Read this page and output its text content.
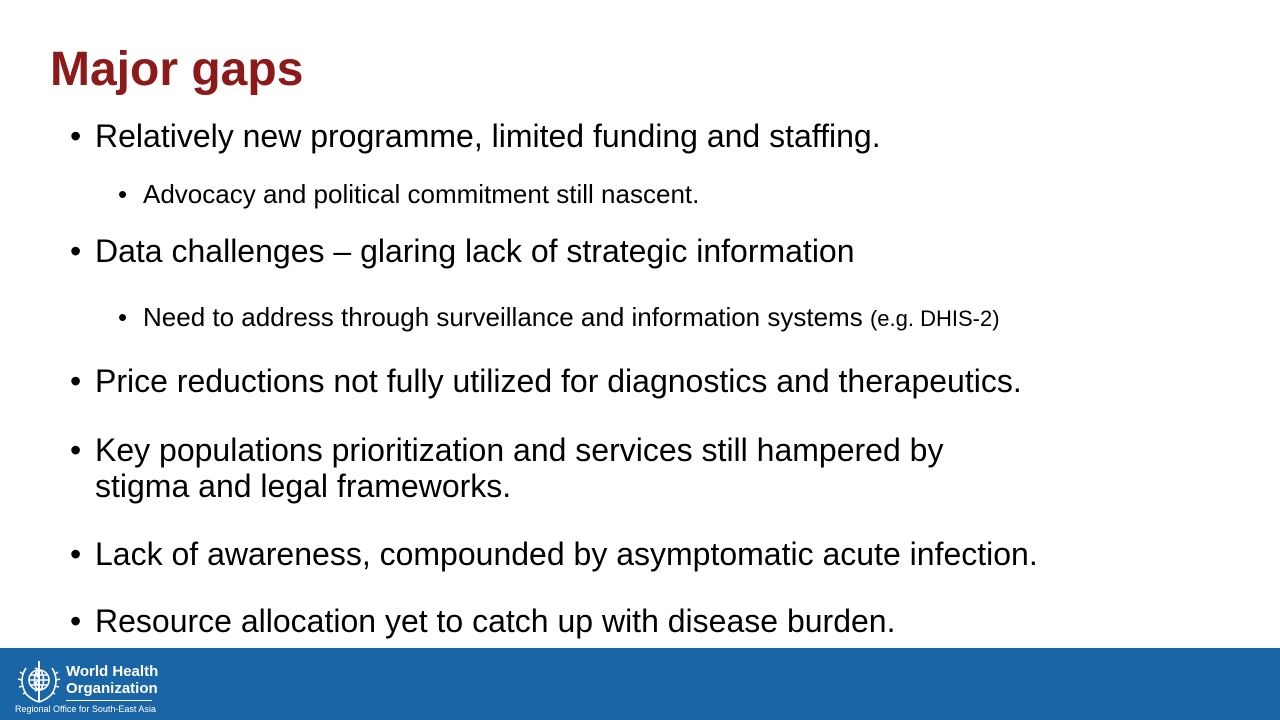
Major gaps
• Relatively new programme, limited funding and staffing.
• Advocacy and political commitment still nascent.
• Data challenges – glaring lack of strategic information
• Need to address through surveillance and information systems (e.g. DHIS-2)
• Price reductions not fully utilized for diagnostics and therapeutics.
• Key populations prioritization and services still hampered by
stigma and legal frameworks.
• Lack of awareness, compounded by asymptomatic acute infection.
• Resource allocation yet to catch up with disease burden.
World Health
Organization
Regional Office for South-East Asia
